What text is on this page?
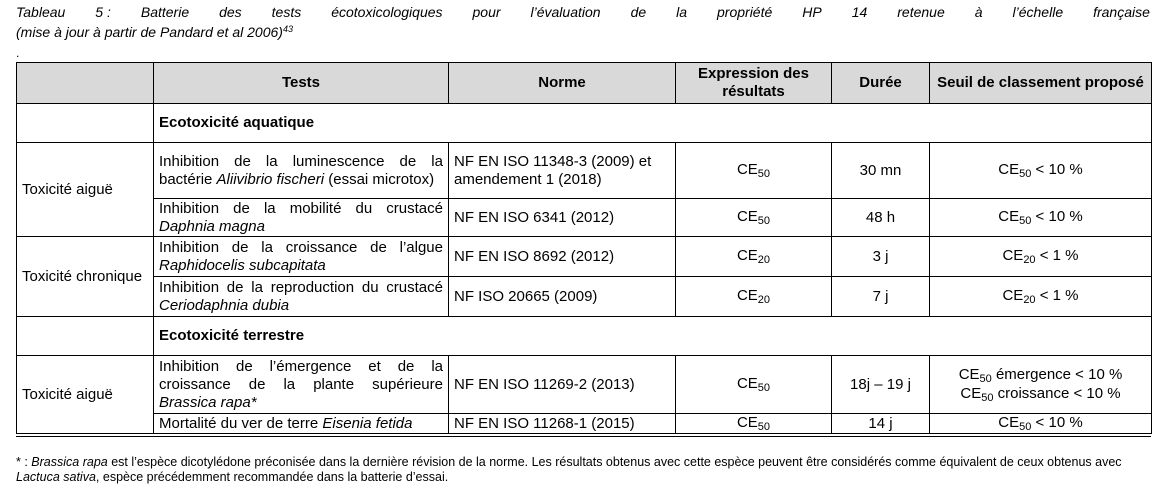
Tableau 5 : Batterie des tests écotoxicologiques pour l’évaluation de la propriété HP 14 retenue à l’échelle française
(mise à jour à partir de Pandard et al 2006)$^{43}$
.
	Tests	Norme	Expression des résultats	Durée	Seuil de classement proposé
	Ecotoxicité aquatique				
Toxicité aiguë	Inhibition de la luminescence de la bactérie Aliivibrio fischeri (essai microtox)	NF EN ISO 11348-3 (2009) et amendement 1 (2018)	$CE_{50}$	30 mn	$CE_{50} < 10$ %

	Inhibition de la mobilité du crustacé Daphnia magna	NF EN ISO 6341 (2012)	$CE_{50}$	48 h	$CE_{50} < 10$ %

Toxicité chronique	Inhibition de la croissance de l’algue Raphidocelis subcapitata	NF EN ISO 8692 (2012)	$CE_{20}$	3 j	$CE_{20} < 1$ %

	Inhibition de la reproduction du crustacé Ceriodaphnia dubia	NF ISO 20665 (2009)	$CE_{20}$	7 j	$CE_{20} < 1$ %

	Ecotoxicité terrestre				
Toxicité aiguë	Inhibition de l’émergence et de la croissance de la plante supérieure Brassica rapa*	NF EN ISO 11269-2 (2013)	$CE_{50}$	18j – 19 j	$CE_{50}$ émergence < 10 %
$CE_{50}$ croissance < 10 %

	Mortalité du ver de terre Eisenia fetida	NF EN ISO 11268-1 (2015)	$CE_{50}$	14 j	$CE_{50} < 10$ %
* : Brassica rapa est l’espèce dicotylédone préconisée dans la dernière révision de la norme. Les résultats obtenus avec cette espèce peuvent être considérés comme équivalent de ceux obtenus avec Lactuca sativa, espèce précédemment recommandée dans la batterie d’essai.
